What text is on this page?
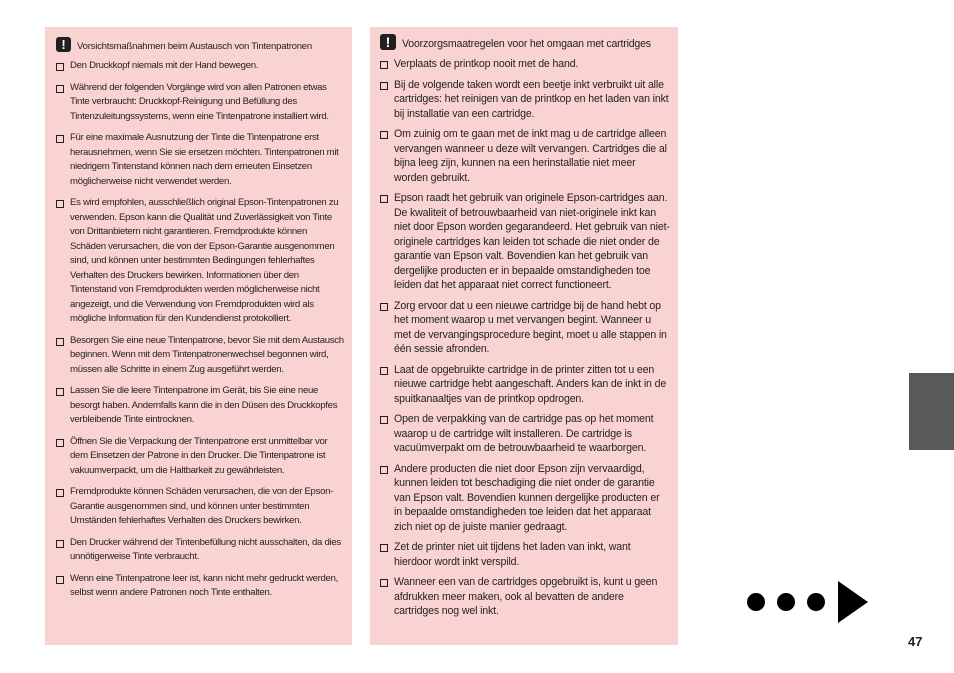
!	Vorsichtsmaßnahmen beim Austausch von Tintenpatronen
Den Druckkopf niemals mit der Hand bewegen.
Während der folgenden Vorgänge wird von allen Patronen etwas Tinte verbraucht: Druckkopf-Reinigung und Befüllung des Tintenzuleitungssystems, wenn eine Tintenpatrone installiert wird.
Für eine maximale Ausnutzung der Tinte die Tintenpatrone erst herausnehmen, wenn Sie sie ersetzen möchten. Tintenpatronen mit niedrigem Tintenstand können nach dem erneuten Einsetzen möglicherweise nicht verwendet werden.
Es wird empfohlen, ausschließlich original Epson-Tintenpatronen zu verwenden. Epson kann die Qualität und Zuverlässigkeit von Tinte von Drittanbietern nicht garantieren. Fremdprodukte können Schäden verursachen, die von der Epson-Garantie ausgenommen sind, und können unter bestimmten Bedingungen fehlerhaftes Verhalten des Druckers bewirken. Informationen über den Tintenstand von Fremdprodukten werden möglicherweise nicht angezeigt, und die Verwendung von Fremdprodukten wird als mögliche Information für den Kundendienst protokolliert.
Besorgen Sie eine neue Tintenpatrone, bevor Sie mit dem Austausch beginnen. Wenn mit dem Tintenpatronenwechsel begonnen wird, müssen alle Schritte in einem Zug ausgeführt werden.
Lassen Sie die leere Tintenpatrone im Gerät, bis Sie eine neue besorgt haben. Andernfalls kann die in den Düsen des Druckkopfes verbleibende Tinte eintrocknen.
Öffnen Sie die Verpackung der Tintenpatrone erst unmittelbar vor dem Einsetzen der Patrone in den Drucker. Die Tintenpatrone ist vakuumverpackt, um die Haltbarkeit zu gewährleisten.
Fremdprodukte können Schäden verursachen, die von der Epson-Garantie ausgenommen sind, und können unter bestimmten Umständen fehlerhaftes Verhalten des Druckers bewirken.
Den Drucker während der Tintenbefüllung nicht ausschalten, da dies unnötigerweise Tinte verbraucht.
Wenn eine Tintenpatrone leer ist, kann nicht mehr gedruckt werden, selbst wenn andere Patronen noch Tinte enthalten.
!	Voorzorgsmaatregelen voor het omgaan met cartridges
Verplaats de printkop nooit met de hand.
Bij de volgende taken wordt een beetje inkt verbruikt uit alle cartridges: het reinigen van de printkop en het laden van inkt bij installatie van een cartridge.
Om zuinig om te gaan met de inkt mag u de cartridge alleen vervangen wanneer u deze wilt vervangen. Cartridges die al bijna leeg zijn, kunnen na een herinstallatie niet meer worden gebruikt.
Epson raadt het gebruik van originele Epson-cartridges aan. De kwaliteit of betrouwbaarheid van niet-originele inkt kan niet door Epson worden gegarandeerd. Het gebruik van niet-originele cartridges kan leiden tot schade die niet onder de garantie van Epson valt. Bovendien kan het gebruik van dergelijke producten er in bepaalde omstandigheden toe leiden dat het apparaat niet correct functioneert.
Zorg ervoor dat u een nieuwe cartridge bij de hand hebt op het moment waarop u met vervangen begint. Wanneer u met de vervangingsprocedure begint, moet u alle stappen in één sessie afronden.
Laat de opgebruikte cartridge in de printer zitten tot u een nieuwe cartridge hebt aangeschaft. Anders kan de inkt in de spuitkanaaltjes van de printkop opdrogen.
Open de verpakking van de cartridge pas op het moment waarop u de cartridge wilt installeren. De cartridge is vacuümverpakt om de betrouwbaarheid te waarborgen.
Andere producten die niet door Epson zijn vervaardigd, kunnen leiden tot beschadiging die niet onder de garantie van Epson valt. Bovendien kunnen dergelijke producten er in bepaalde omstandigheden toe leiden dat het apparaat zich niet op de juiste manier gedraagt.
Zet de printer niet uit tijdens het laden van inkt, want hierdoor wordt inkt verspild.
Wanneer een van de cartridges opgebruikt is, kunt u geen afdrukken meer maken, ook al bevatten de andere cartridges nog wel inkt.
47
